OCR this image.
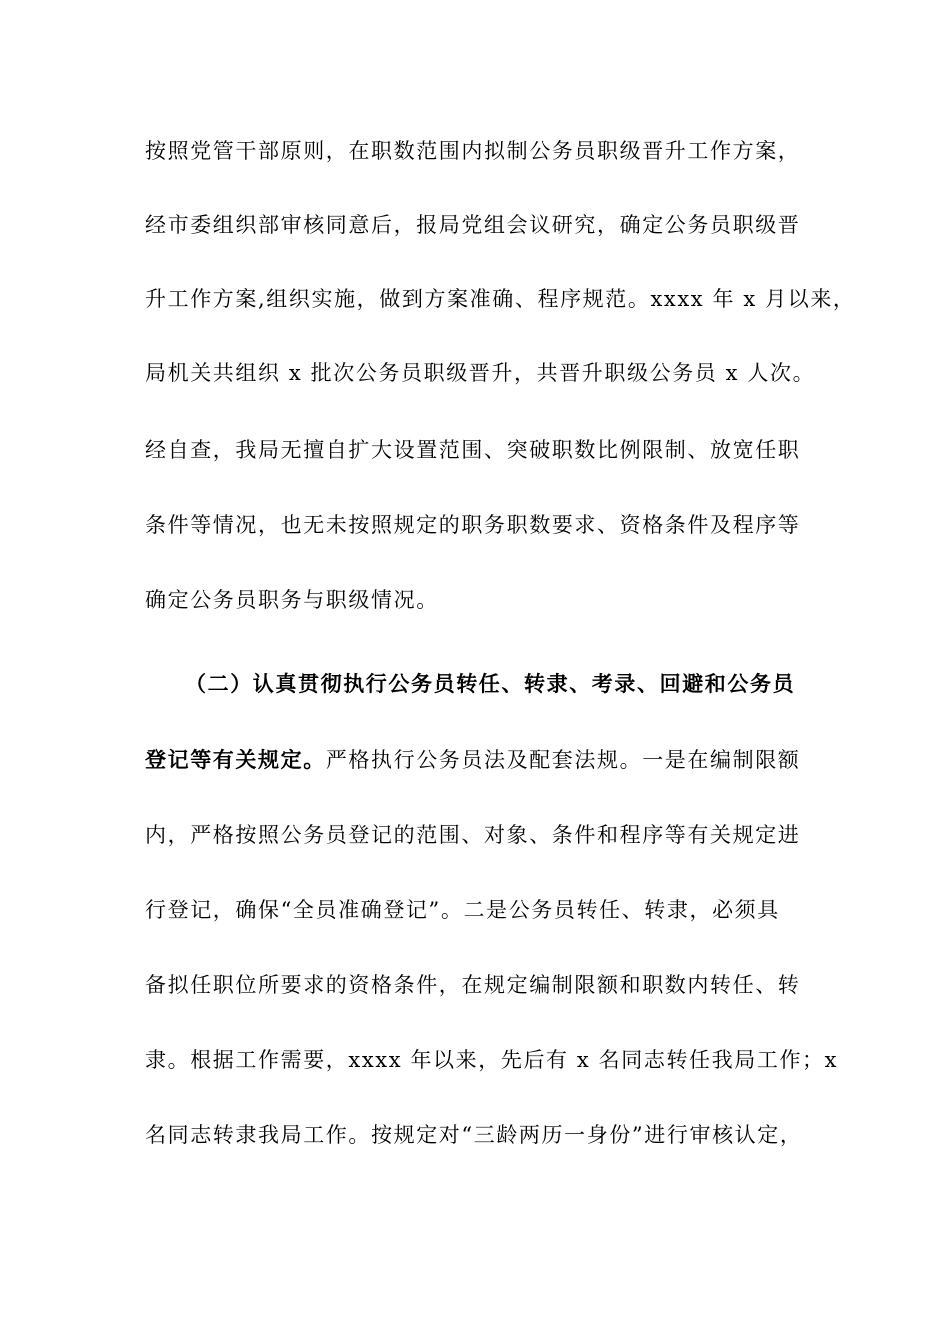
按照党管干部原则，在职数范围内拟制公务员职级晋升工作方案，
经市委组织部审核同意后，报局党组会议研究，确定公务员职级晋
升工作方案,组织实施，做到方案准确、程序规范。xxxx 年 x 月以来，
局机关共组织 x 批次公务员职级晋升，共晋升职级公务员 x 人次。
经自查，我局无擅自扩大设置范围、突破职数比例限制、放宽任职
条件等情况，也无未按照规定的职务职数要求、资格条件及程序等
确定公务员职务与职级情况。
（二）认真贯彻执行公务员转任、转隶、考录、回避和公务员
登记等有关规定。严格执行公务员法及配套法规。一是在编制限额
内，严格按照公务员登记的范围、对象、条件和程序等有关规定进
行登记，确保“全员准确登记”。二是公务员转任、转隶，必须具
备拟任职位所要求的资格条件，在规定编制限额和职数内转任、转
隶。根据工作需要，xxxx 年以来，先后有 x 名同志转任我局工作；x
名同志转隶我局工作。按规定对“三龄两历一身份”进行审核认定，
